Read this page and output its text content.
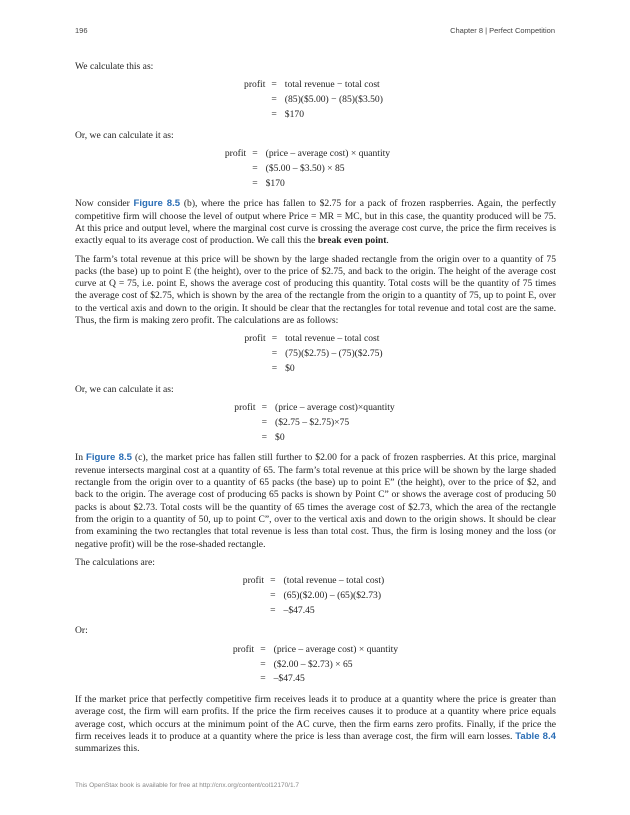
196	Chapter 8 | Perfect Competition

We calculate this as:

profit	=	total revenue − total cost
	=	(85)($5.00) − (85)($3.50)
	=	$170

Or, we can calculate it as:

profit	=	(price – average cost) × quantity
	=	($5.00 – $3.50) × 85
	=	$170

Now consider Figure 8.5 (b), where the price has fallen to $2.75 for a pack of frozen raspberries. Again, the perfectly competitive firm will choose the level of output where Price = MR = MC, but in this case, the quantity produced will be 75. At this price and output level, where the marginal cost curve is crossing the average cost curve, the price the firm receives is exactly equal to its average cost of production. We call this the break even point.

The farm’s total revenue at this price will be shown by the large shaded rectangle from the origin over to a quantity of 75 packs (the base) up to point E (the height), over to the price of $2.75, and back to the origin. The height of the average cost curve at Q = 75, i.e. point E, shows the average cost of producing this quantity. Total costs will be the quantity of 75 times the average cost of $2.75, which is shown by the area of the rectangle from the origin to a quantity of 75, up to point E, over to the vertical axis and down to the origin. It should be clear that the rectangles for total revenue and total cost are the same. Thus, the firm is making zero profit. The calculations are as follows:

profit	=	total revenue – total cost
	=	(75)($2.75) – (75)($2.75)
	=	$0

Or, we can calculate it as:

profit	=	(price – average cost)×quantity
	=	($2.75 – $2.75)×75
	=	$0

In Figure 8.5 (c), the market price has fallen still further to $2.00 for a pack of frozen raspberries. At this price, marginal revenue intersects marginal cost at a quantity of 65. The farm’s total revenue at this price will be shown by the large shaded rectangle from the origin over to a quantity of 65 packs (the base) up to point E” (the height), over to the price of $2, and back to the origin. The average cost of producing 65 packs is shown by Point C” or shows the average cost of producing 50 packs is about $2.73. Total costs will be the quantity of 65 times the average cost of $2.73, which the area of the rectangle from the origin to a quantity of 50, up to point C”, over to the vertical axis and down to the origin shows. It should be clear from examining the two rectangles that total revenue is less than total cost. Thus, the firm is losing money and the loss (or negative profit) will be the rose-shaded rectangle.

The calculations are:

profit	=	(total revenue – total cost)
	=	(65)($2.00) – (65)($2.73)
	=	–$47.45

Or:

profit	=	(price – average cost) × quantity
	=	($2.00 – $2.73) × 65
	=	–$47.45

If the market price that perfectly competitive firm receives leads it to produce at a quantity where the price is greater than average cost, the firm will earn profits. If the price the firm receives causes it to produce at a quantity where price equals average cost, which occurs at the minimum point of the AC curve, then the firm earns zero profits. Finally, if the price the firm receives leads it to produce at a quantity where the price is less than average cost, the firm will earn losses. Table 8.4 summarizes this.

This OpenStax book is available for free at http://cnx.org/content/col12170/1.7
